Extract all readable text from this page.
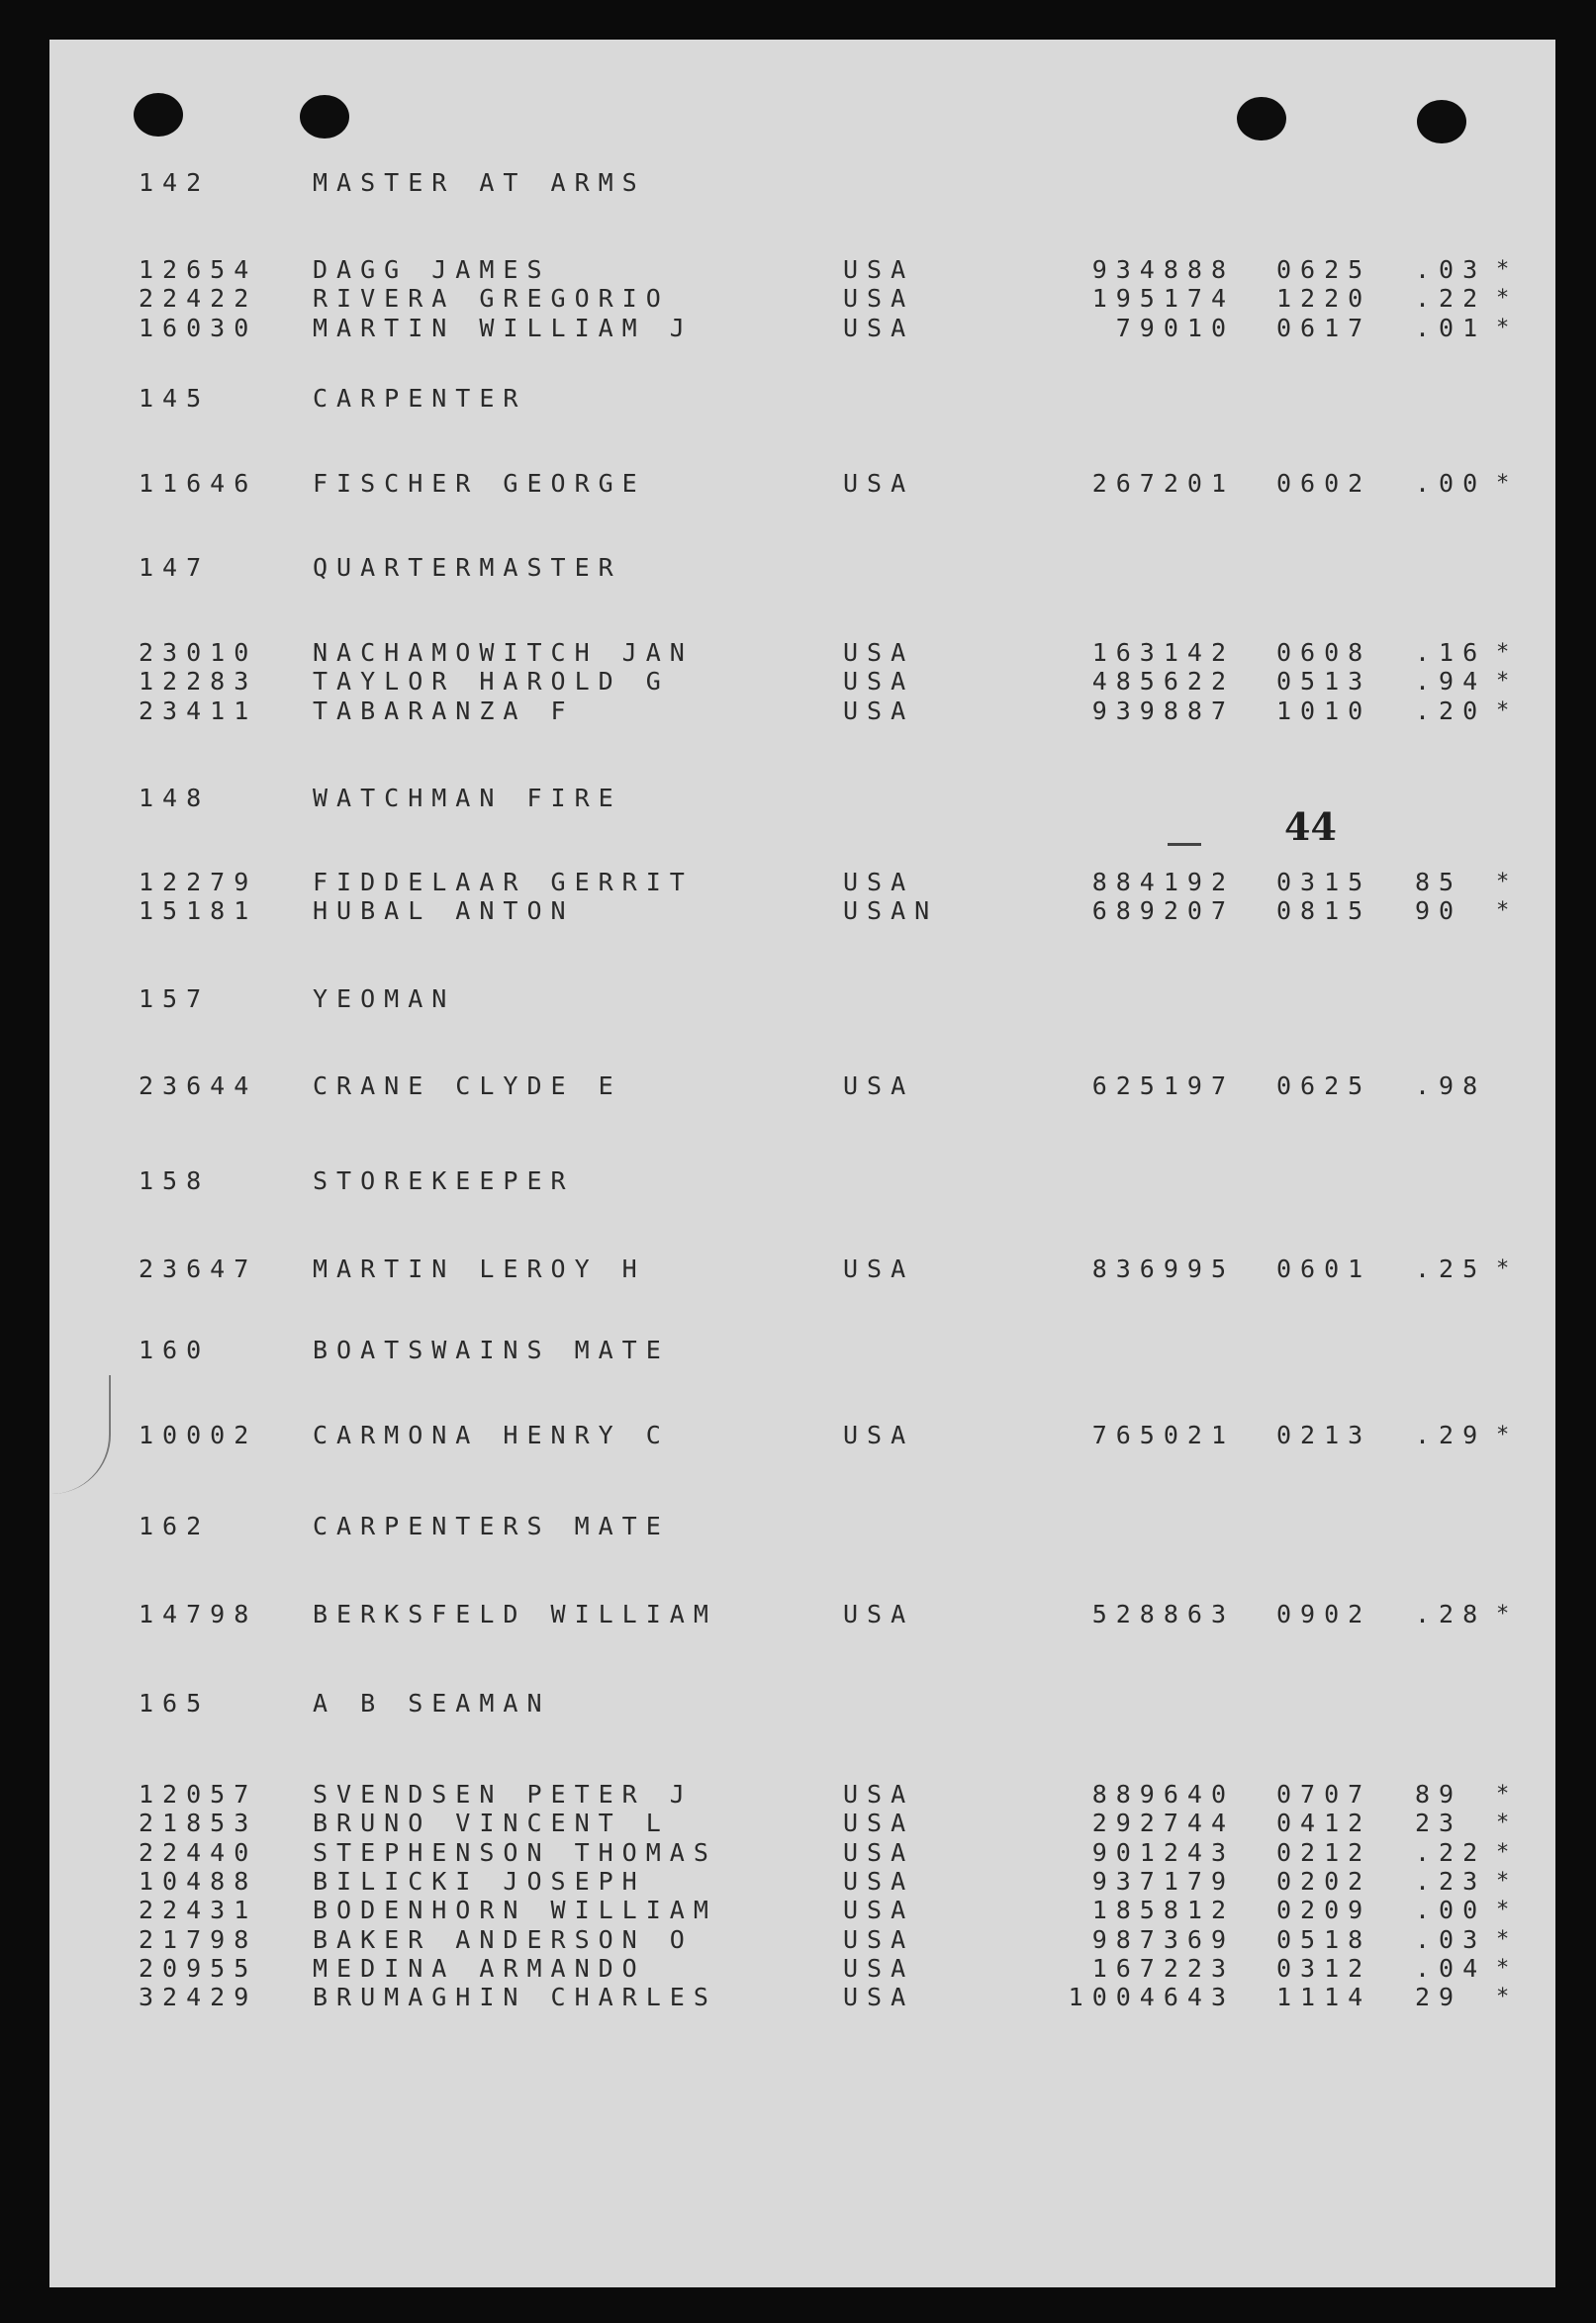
142	MASTER AT ARMS
12654 DAGG JAMES	USA	934888 0625 .03 *
22422 RIVERA GREGORIO	USA	195174 1220 .22 *
16030 MARTIN WILLIAM J	USA	79010 0617 .01 *
145	CARPENTER
11646 FISCHER GEORGE	USA	267201 0602 .00 *
147	QUARTERMASTER
23010 NACHAMOWITCH JAN	USA	163142 0608 .16 *
12283 TAYLOR HAROLD G	USA	485622 0513 .94 *
23411 TABARANZA F	USA	939887 1010 .20 *
148	WATCHMAN FIRE
12279 FIDDELAAR GERRIT	USA	884192 0315 85 *
15181 HUBAL ANTON	USAN	689207 0815 90 *
157	YEOMAN
23644 CRANE CLYDE E	USA	625197 0625 .98
158	STOREKEEPER
23647 MARTIN LEROY H	USA	836995 0601 .25 *
160	BOATSWAINS MATE
10002 CARMONA HENRY C	USA	765021 0213 .29 *
162	CARPENTERS MATE
14798 BERKSFELD WILLIAM	USA	528863 0902 .28 *
165	A B SEAMAN
12057 SVENDSEN PETER J	USA	889640 0707 89 *
21853 BRUNO VINCENT L	USA	292744 0412 23 *
22440 STEPHENSON THOMAS	USA	901243 0212 .22 *
10488 BILICKI JOSEPH	USA	937179 0202 .23 *
22431 BODENHORN WILLIAM	USA	185812 0209 .00 *
21798 BAKER ANDERSON O	USA	987369 0518 .03 *
20955 MEDINA ARMANDO	USA	167223 0312 .04 *
32429 BRUMAGHIN CHARLES	USA	1004643 1114 29 *
44
